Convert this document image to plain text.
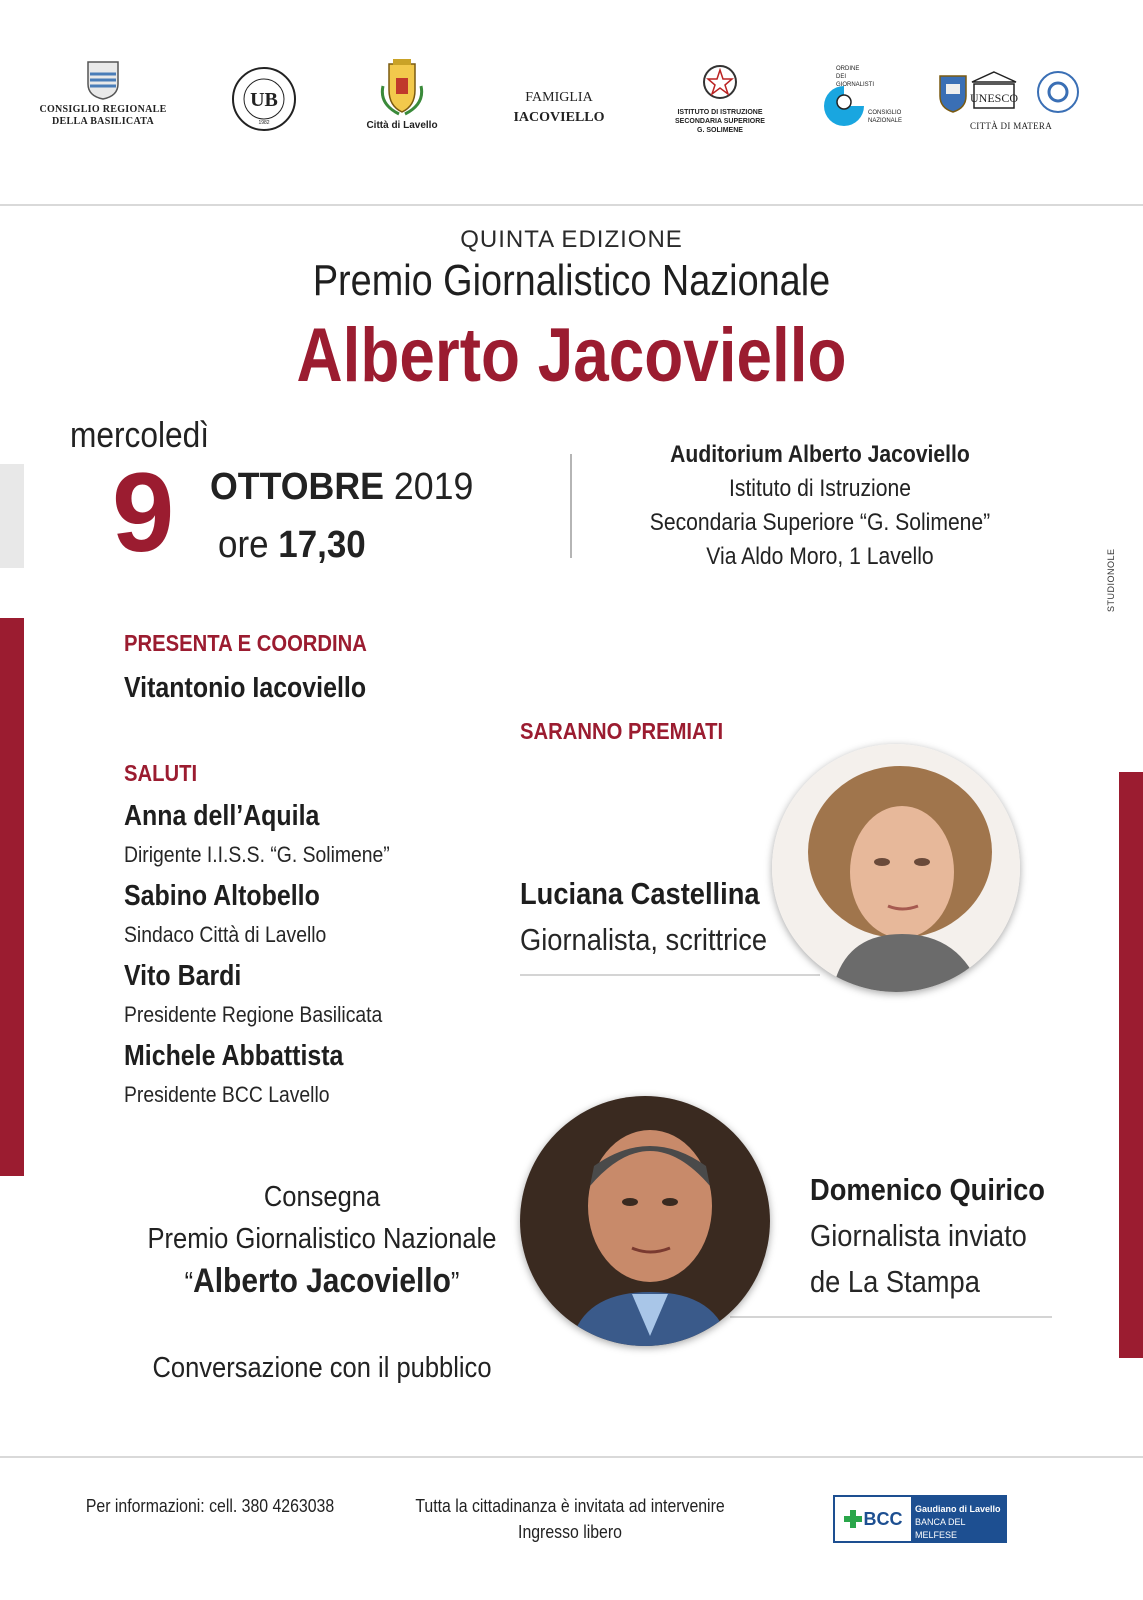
CONSIGLIO REGIONALE
DELLA BASILICATA
UB
1982	Città di Lavello
FAMIGLIA
IACOVIELLO	ISTITUTO DI ISTRUZIONE
SECONDARIA SUPERIORE
G. SOLIMENE
ORDINE
DEI
GIORNALISTI
CONSIGLIO
NAZIONALE
UNESCO
CITTÀ DI MATERA
STUDIONOLE
QUINTA EDIZIONE
Premio Giornalistico Nazionale
Alberto Jacoviello
mercoledì
9 OTTOBRE 2019
ore 17,30
Auditorium Alberto Jacoviello
Istituto di Istruzione
Secondaria Superiore “G. Solimene”
Via Aldo Moro, 1 Lavello
PRESENTA E COORDINA
Vitantonio Iacoviello
SALUTI
Anna dell’Aquila
Dirigente I.I.S.S. “G. Solimene”
Sabino Altobello
Sindaco Città di Lavello
Vito Bardi
Presidente Regione Basilicata
Michele Abbattista
Presidente BCC Lavello
SARANNO PREMIATI
Luciana Castellina
Giornalista, scrittrice
Domenico Quirico
Giornalista inviato
de La Stampa
Consegna
Premio Giornalistico Nazionale
“Alberto Jacoviello”
Conversazione con il pubblico
Per informazioni: cell. 380 4263038	Tutta la cittadinanza è invitata ad intervenire
Ingresso libero
BCC Gaudiano di Lavello
BANCA DEL MELFESE
CREDITO COOPERATIVO
